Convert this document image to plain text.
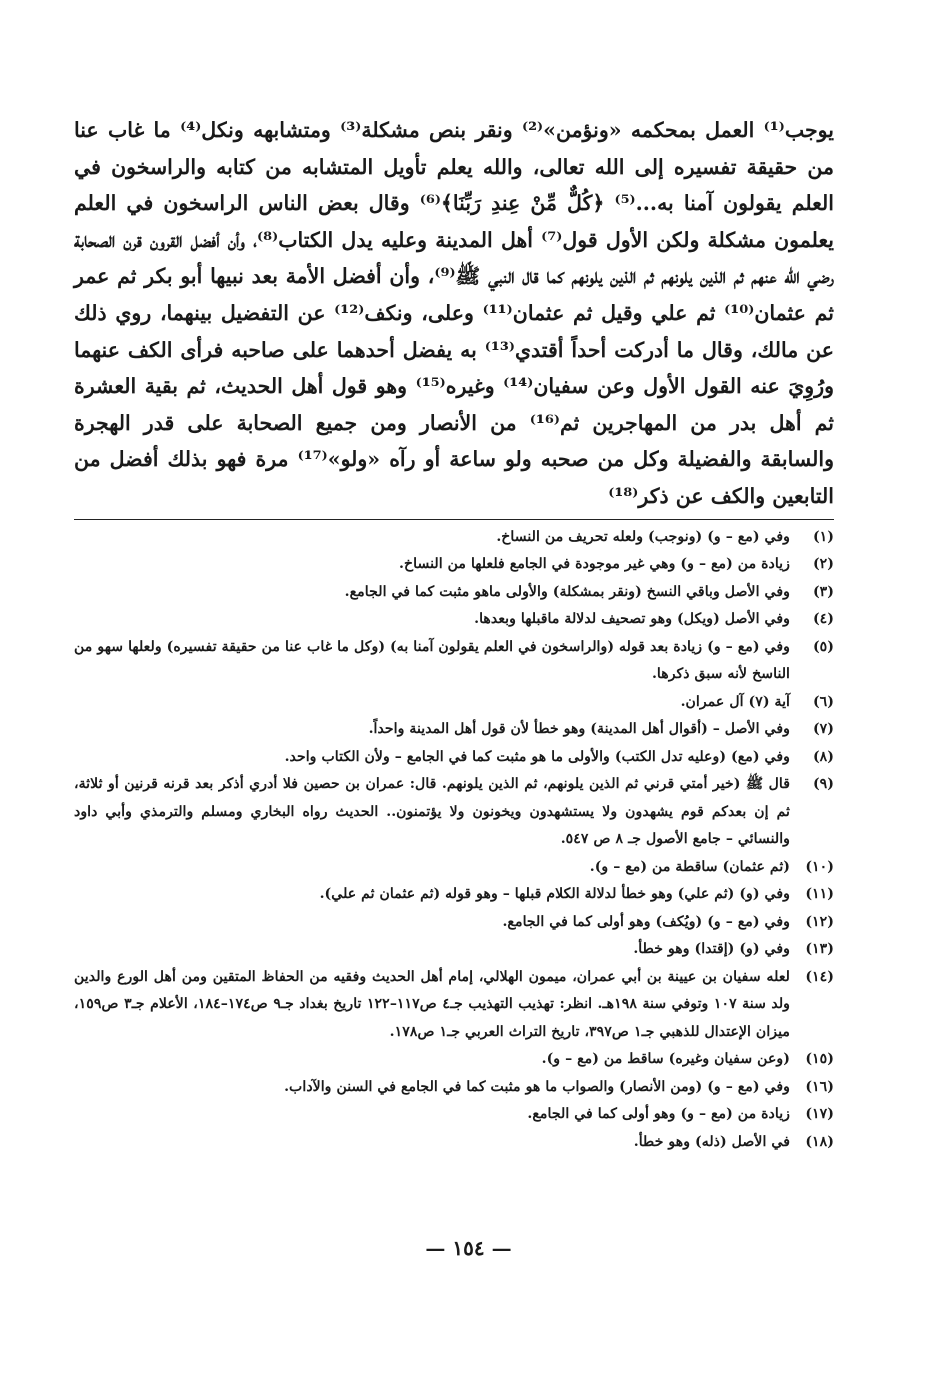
يوجب⁽¹⁾ العمل بمحكمه «ونؤمن»⁽²⁾ ونقر بنص مشكلة⁽³⁾ ومتشابهه ونكل⁽⁴⁾ ما غاب عنا من حقيقة تفسيره إلى الله تعالى، والله يعلم تأويل المتشابه من كتابه والراسخون في العلم يقولون آمنا به...⁽⁵⁾ ﴿كُلٌّ مِّنْ عِندِ رَبِّنَا﴾⁽⁶⁾ وقال بعض الناس الراسخون في العلم يعلمون مشكلة ولكن الأول قول⁽⁷⁾ أهل المدينة وعليه يدل الكتاب⁽⁸⁾، وأن أفضل القرون قرن الصحابة رضي الله عنهم ثم الذين يلونهم ثم الذين يلونهم كما قال النبي ﷺ⁽⁹⁾، وأن أفضل الأمة بعد نبيها أبو بكر ثم عمر ثم عثمان⁽¹⁰⁾ ثم علي وقيل ثم عثمان⁽¹¹⁾ وعلى، ونكف⁽¹²⁾ عن التفضيل بينهما، روي ذلك عن مالك، وقال ما أدركت أحداً أقتدي⁽¹³⁾ به يفضل أحدهما على صاحبه فرأى الكف عنهما ورُوِيَ عنه القول الأول وعن سفيان⁽¹⁴⁾ وغيره⁽¹⁵⁾ وهو قول أهل الحديث، ثم بقية العشرة ثم أهل بدر من المهاجرين ثم⁽¹⁶⁾ من الأنصار ومن جميع الصحابة على قدر الهجرة والسابقة والفضيلة وكل من صحبه ولو ساعة أو رآه «ولو»⁽¹⁷⁾ مرة فهو بذلك أفضل من التابعين والكف عن ذكر⁽¹⁸⁾

(١)
وفي (مع – و) (ونوجب) ولعله تحريف من النساخ.
(٢)
زيادة من (مع – و) وهي غير موجودة في الجامع فلعلها من النساخ.
(٣)
وفي الأصل وباقي النسخ (ونقر بمشكلة) والأولى ماهو مثبت كما في الجامع.
(٤)
وفي الأصل (ويكل) وهو تصحيف لدلالة ماقبلها وبعدها.
(٥)
وفي (مع – و) زيادة بعد قوله (والراسخون في العلم يقولون آمنا به) (وكل ما غاب عنا من حقيقة تفسيره) ولعلها سهو من الناسخ لأنه سبق ذكرها.
(٦)
آية (٧) آل عمران.
(٧)
وفي الأصل – (أقوال أهل المدينة) وهو خطأ لأن قول أهل المدينة واحداً.
(٨)
وفي (مع) (وعليه تدل الكتب) والأولى ما هو مثبت كما في الجامع – ولأن الكتاب واحد.
(٩)
قال ﷺ (خير أمتي قرني ثم الذين يلونهم، ثم الذين يلونهم. قال: عمران بن حصين فلا أدري أذكر بعد قرنه قرنين أو ثلاثة، ثم إن بعدكم قوم يشهدون ولا يستشهدون ويخونون ولا يؤتمنون.. الحديث رواه البخاري ومسلم والترمذي وأبي داود والنسائي – جامع الأصول جـ ٨ ص ٥٤٧.
(١٠)
(ثم عثمان) ساقطة من (مع – و).
(١١)
وفي (و) (ثم علي) وهو خطأ لدلالة الكلام قبلها – وهو قوله (ثم عثمان ثم علي).
(١٢)
وفي (مع – و) (ويُكف) وهو أولى كما في الجامع.
(١٣)
وفي (و) (إقتدا) وهو خطأ.
(١٤)
لعله سفيان بن عيينة بن أبي عمران، ميمون الهلالي، إمام أهل الحديث وفقيه من الحفاظ المتقين ومن أهل الورع والدين ولد سنة ١٠٧ وتوفي سنة ١٩٨هـ. انظر: تهذيب التهذيب جـ٤ ص١١٧–١٢٢ تاريخ بغداد جـ٩ ص١٧٤–١٨٤، الأعلام جـ٣ ص١٥٩، ميزان الإعتدال للذهبي جـ١ ص٣٩٧، تاريخ التراث العربي جـ١ ص١٧٨.
(١٥)
(وعن سفيان وغيره) ساقط من (مع – و).
(١٦)
وفي (مع – و) (ومن الأنصار) والصواب ما هو مثبت كما في الجامع في السنن والآداب.
(١٧)
زيادة من (مع – و) وهو أولى كما في الجامع.
(١٨)
في الأصل (ذله) وهو خطأ.
— ١٥٤ —
